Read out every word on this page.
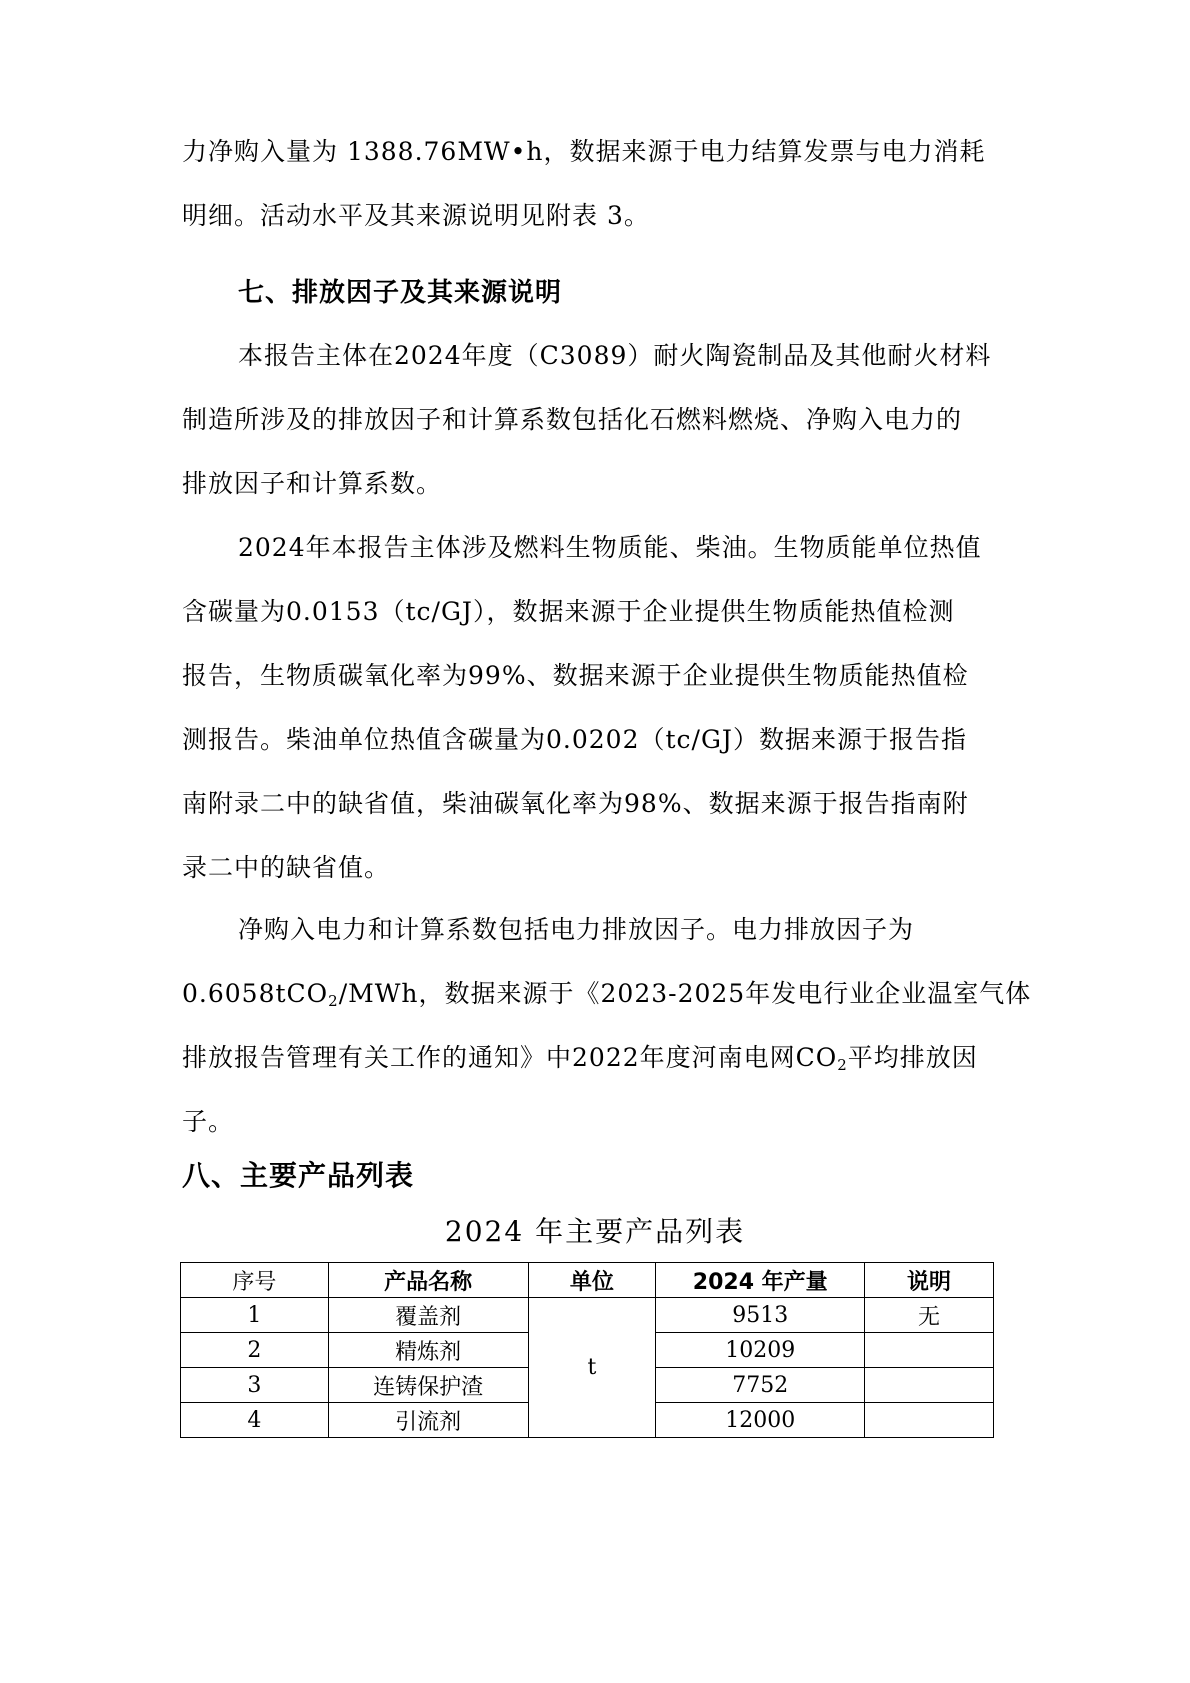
力净购入量为 1388.76MW•h，数据来源于电力结算发票与电力消耗
明细。活动水平及其来源说明见附表 3。

七、排放因子及其来源说明

本报告主体在2024年度（C3089）耐火陶瓷制品及其他耐火材料
制造所涉及的排放因子和计算系数包括化石燃料燃烧、净购入电力的
排放因子和计算系数。

2024年本报告主体涉及燃料生物质能、柴油。生物质能单位热值
含碳量为0.0153（tc/GJ），数据来源于企业提供生物质能热值检测
报告，生物质碳氧化率为99%、数据来源于企业提供生物质能热值检
测报告。柴油单位热值含碳量为0.0202（tc/GJ）数据来源于报告指
南附录二中的缺省值，柴油碳氧化率为98%、数据来源于报告指南附
录二中的缺省值。

净购入电力和计算系数包括电力排放因子。电力排放因子为
0.6058tCO$_2$/MWh，数据来源于《2023-2025年发电行业企业温室气体
排放报告管理有关工作的通知》中2022年度河南电网$CO_2$平均排放因
子。

八、主要产品列表
2024 年主要产品列表
序号	产品名称	单位	2024 年产量	说明
1	覆盖剂	t	9513	无
2	精炼剂		10209	
3	连铸保护渣		7752	
4	引流剂		12000	
